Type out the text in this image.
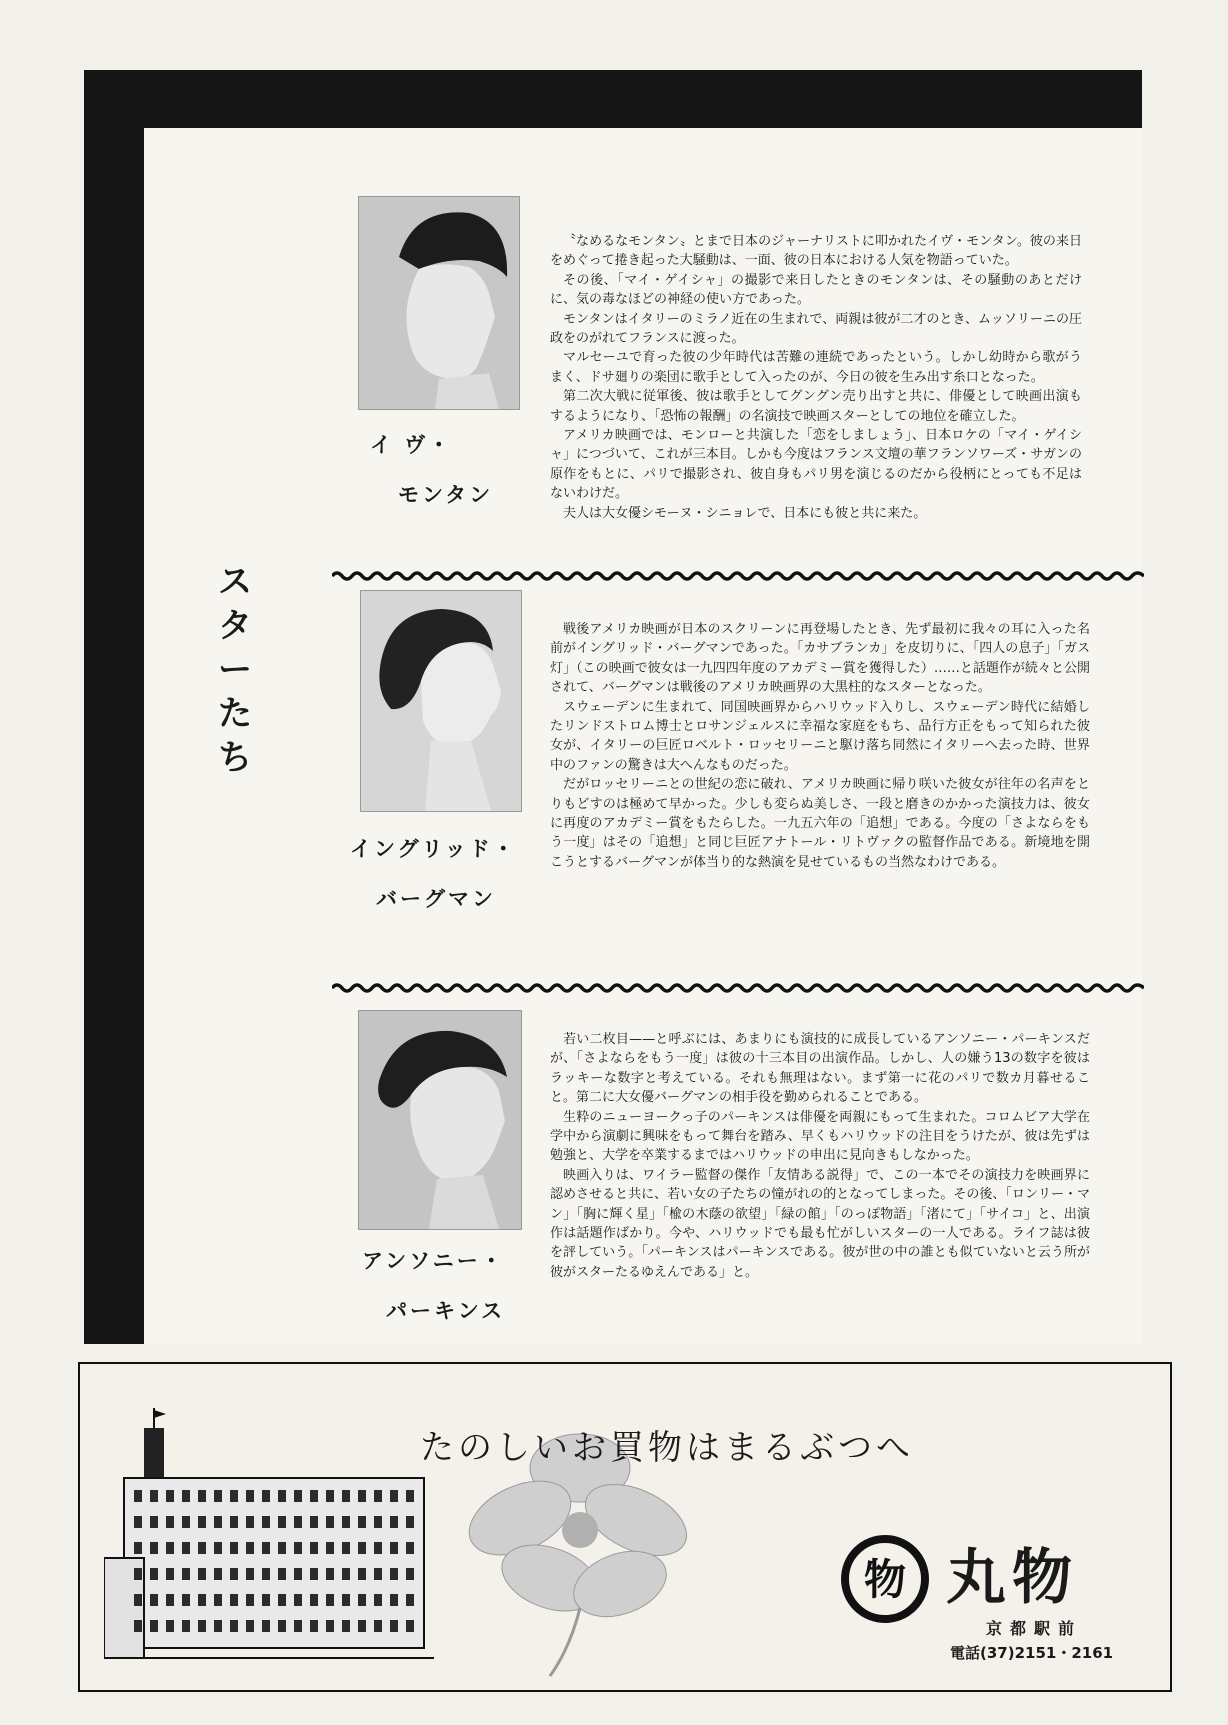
スターたち
イ ヴ・
モンタン

〝なめるなモンタン〟とまで日本のジャーナリストに叩かれたイヴ・モンタン。彼の来日をめぐって捲き起った大騒動は、一面、彼の日本における人気を物語っていた。

その後、「マイ・ゲイシャ」の撮影で来日したときのモンタンは、その騒動のあとだけに、気の毒なほどの神経の使い方であった。

モンタンはイタリーのミラノ近在の生まれで、両親は彼が二才のとき、ムッソリーニの圧政をのがれてフランスに渡った。

マルセーユで育った彼の少年時代は苦難の連続であったという。しかし幼時から歌がうまく、ドサ廻りの楽団に歌手として入ったのが、今日の彼を生み出す糸口となった。

第二次大戦に従軍後、彼は歌手としてグングン売り出すと共に、俳優として映画出演もするようになり、「恐怖の報酬」の名演技で映画スターとしての地位を確立した。

アメリカ映画では、モンローと共演した「恋をしましょう」、日本ロケの「マイ・ゲイシャ」につづいて、これが三本目。しかも今度はフランス文壇の華フランソワーズ・サガンの原作をもとに、パリで撮影され、彼自身もパリ男を演じるのだから役柄にとっても不足はないわけだ。

夫人は大女優シモーヌ・シニョレで、日本にも彼と共に来た。

イングリッド・
バーグマン

戦後アメリカ映画が日本のスクリーンに再登場したとき、先ず最初に我々の耳に入った名前がイングリッド・バーグマンであった。「カサブランカ」を皮切りに、「四人の息子」「ガス灯」（この映画で彼女は一九四四年度のアカデミー賞を獲得した）……と話題作が続々と公開されて、バーグマンは戦後のアメリカ映画界の大黒柱的なスターとなった。

スウェーデンに生まれて、同国映画界からハリウッド入りし、スウェーデン時代に結婚したリンドストロム博士とロサンジェルスに幸福な家庭をもち、品行方正をもって知られた彼女が、イタリーの巨匠ロベルト・ロッセリーニと駆け落ち同然にイタリーへ去った時、世界中のファンの驚きは大へんなものだった。

だがロッセリーニとの世紀の恋に破れ、アメリカ映画に帰り咲いた彼女が往年の名声をとりもどすのは極めて早かった。少しも変らぬ美しさ、一段と磨きのかかった演技力は、彼女に再度のアカデミー賞をもたらした。一九五六年の「追想」である。今度の「さよならをもう一度」はその「追想」と同じ巨匠アナトール・リトヴァクの監督作品である。新境地を開こうとするバーグマンが体当り的な熱演を見せているもの当然なわけである。

アンソニー・
パーキンス

若い二枚目——と呼ぶには、あまりにも演技的に成長しているアンソニー・パーキンスだが、「さよならをもう一度」は彼の十三本目の出演作品。しかし、人の嫌う13の数字を彼はラッキーな数字と考えている。それも無理はない。まず第一に花のパリで数カ月暮せること。第二に大女優バーグマンの相手役を勤められることである。

生粋のニューヨークっ子のパーキンスは俳優を両親にもって生まれた。コロムビア大学在学中から演劇に興味をもって舞台を踏み、早くもハリウッドの注目をうけたが、彼は先ずは勉強と、大学を卒業するまではハリウッドの申出に見向きもしなかった。

映画入りは、ワイラー監督の傑作「友情ある説得」で、この一本でその演技力を映画界に認めさせると共に、若い女の子たちの憧がれの的となってしまった。その後、「ロンリー・マン」「胸に輝く星」「楡の木蔭の欲望」「緑の館」「のっぽ物語」「渚にて」「サイコ」と、出演作は話題作ばかり。今や、ハリウッドでも最も忙がしいスターの一人である。ライフ誌は彼を評していう。「パーキンスはパーキンスである。彼が世の中の誰とも似ていないと云う所が彼がスターたるゆえんである」と。

たのしいお買物はまるぶつへ
物 丸物
京都駅前
電話(37)2151・2161
